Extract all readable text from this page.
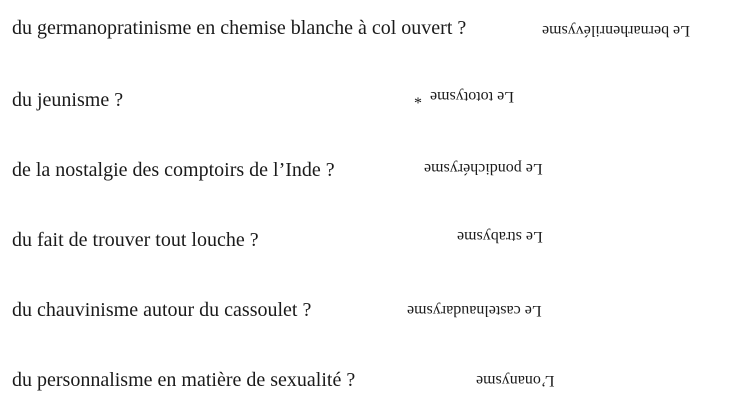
du germanopratinisme en chemise blanche à col ouvert ?	Le bernarhenrilévysme
du jeunisme ?	Le tototysme
*
de la nostalgie des comptoirs de l’Inde ?	Le pondichérysme
du fait de trouver tout louche ?	Le strabysme
du chauvinisme autour du cassoulet ?	Le castelnaudarysme
du personnalisme en matière de sexualité ?	L’onanysme
